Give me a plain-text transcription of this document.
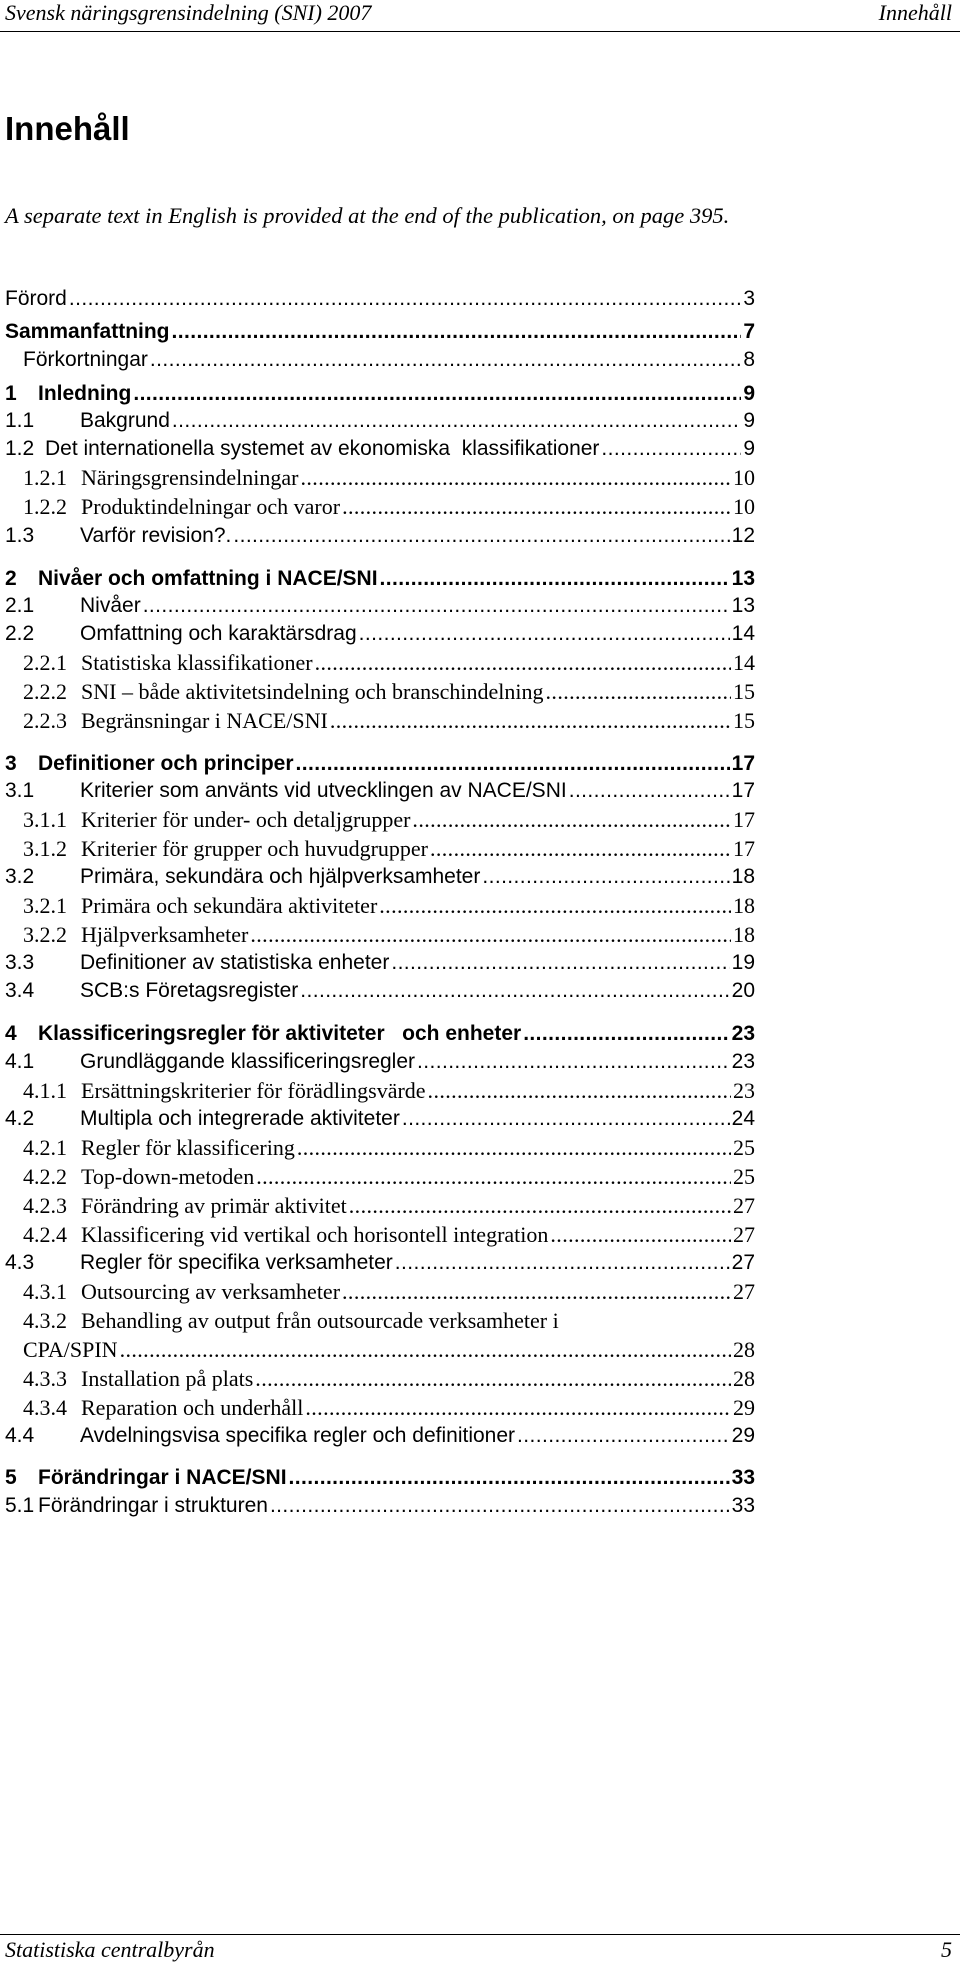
Svensk näringsgrensindelning (SNI) 2007	Innehåll
Innehåll
A separate text in English is provided at the end of the publication, on page 395.
Förord .....	3
Sammanfattning .....	7
Förkortningar .....	8
1	Inledning .....	9
1.1	Bakgrund .....	9
1.2 Det internationella systemet av ekonomiska  klassifikationer .....	9
1.2.1 Näringsgrensindelningar .....	10
1.2.2 Produktindelningar och varor .....	10
1.3	Varför revision?. .....	12
2	Nivåer och omfattning i NACE/SNI .....	13
2.1	Nivåer .....	13
2.2	Omfattning och karaktärsdrag .....	14
2.2.1 Statistiska klassifikationer .....	14
2.2.2 SNI – både aktivitetsindelning och branschindelning .....	15
2.2.3 Begränsningar i NACE/SNI .....	15
3	Definitioner och principer .....	17
3.1	Kriterier som använts vid utvecklingen av NACE/SNI .....	17
3.1.1 Kriterier för under- och detaljgrupper .....	17
3.1.2 Kriterier för grupper och huvudgrupper .....	17
3.2	Primära, sekundära och hjälpverksamheter .....	18
3.2.1 Primära och sekundära aktiviteter .....	18
3.2.2 Hjälpverksamheter .....	18
3.3	Definitioner av statistiska enheter .....	19
3.4	SCB:s Företagsregister .....	20
4	Klassificeringsregler för aktiviteter   och enheter .....	23
4.1	Grundläggande klassificeringsregler .....	23
4.1.1 Ersättningskriterier för förädlingsvärde .....	23
4.2	Multipla och integrerade aktiviteter .....	24
4.2.1 Regler för klassificering .....	25
4.2.2 Top-down-metoden .....	25
4.2.3 Förändring av primär aktivitet .....	27
4.2.4 Klassificering vid vertikal och horisontell integration .....	27
4.3	Regler för specifika verksamheter .....	27
4.3.1 Outsourcing av verksamheter .....	27
4.3.2 Behandling av output från outsourcade verksamheter i
CPA/SPIN .....	28
4.3.3 Installation på plats .....	28
4.3.4 Reparation och underhåll .....	29
4.4	Avdelningsvisa specifika regler och definitioner .....	29
5	Förändringar i NACE/SNI .....	33
5.1 Förändringar i strukturen .....	33
Statistiska centralbyrån	5
